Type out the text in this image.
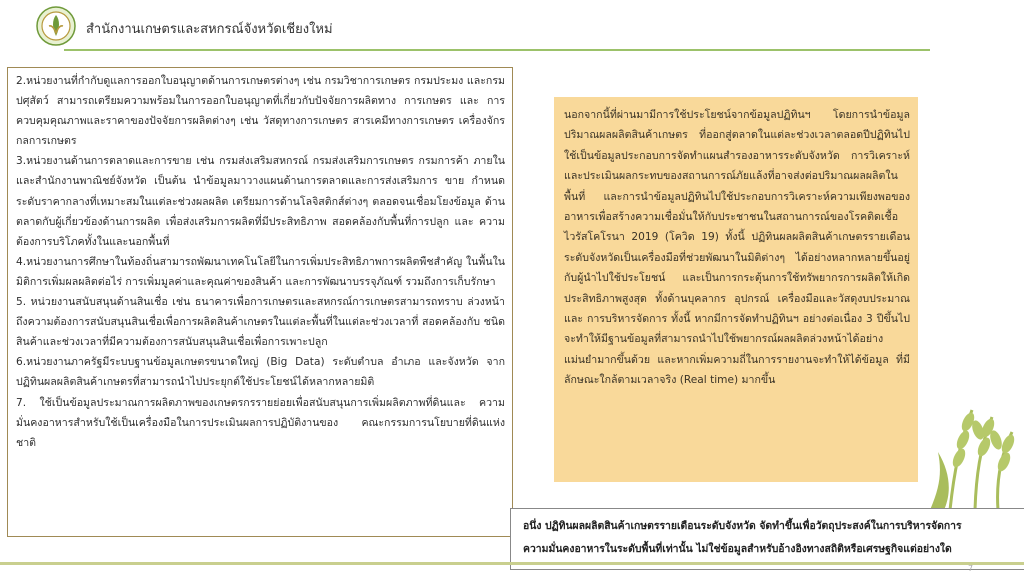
สำนักงานเกษตรและสหกรณ์จังหวัดเชียงใหม่

2.หน่วยงานที่กำกับดูแลการออกใบอนุญาตด้านการเกษตรต่างๆ เช่น กรมวิชาการเกษตร กรมประมง และกรมปศุสัตว์ สามารถเตรียมความพร้อมในการออกใบอนุญาตที่เกี่ยวกับปัจจัยการผลิตทาง การเกษตร และ การควบคุมคุณภาพและราคาของปัจจัยการผลิตต่างๆ เช่น วัสดุทางการเกษตร สารเคมีทางการเกษตร เครื่องจักรกลการเกษตร

3.หน่วยงานด้านการตลาดและการขาย เช่น กรมส่งเสริมสหกรณ์ กรมส่งเสริมการเกษตร กรมการค้า ภายใน และสำนักงานพาณิชย์จังหวัด เป็นต้น นำข้อมูลมาวางแผนด้านการตลาดและการส่งเสริมการ ขาย กำหนด ระดับราคากลางที่เหมาะสมในแต่ละช่วงผลผลิต เตรียมการด้านโลจิสติกส์ต่างๆ ตลอดจนเชื่อมโยงข้อมูล ด้านตลาดกับผู้เกี่ยวข้องด้านการผลิต เพื่อส่งเสริมการผลิตที่มีประสิทธิภาพ สอดคล้องกับพื้นที่การปลูก และ ความต้องการบริโภคทั้งในและนอกพื้นที่

4.หน่วยงานการศึกษาในท้องถิ่นสามารถพัฒนาเทคโนโลยีในการเพิ่มประสิทธิภาพการผลิตพืชสำคัญ ในพื้นในมิติการเพิ่มผลผลิตต่อไร่ การเพิ่มมูลค่าและคุณค่าของสินค้า และการพัฒนาบรรจุภัณฑ์ รวมถึงการเก็บรักษา

5. หน่วยงานสนับสนุนด้านสินเชื่อ เช่น ธนาคารเพื่อการเกษตรและสหกรณ์การเกษตรสามารถทราบ ล่วงหน้าถึงความต้องการสนับสนุนสินเชื่อเพื่อการผลิตสินค้าเกษตรในแต่ละพื้นที่ในแต่ละช่วงเวลาที่ สอดคล้องกับ ชนิดสินค้าและช่วงเวลาที่มีความต้องการสนับสนุนสินเชื่อเพื่อการเพาะปลูก

6.หน่วยงานภาครัฐมีระบบฐานข้อมูลเกษตรขนาดใหญ่ (Big Data) ระดับตำบล อำเภอ และจังหวัด จากปฏิทินผลผลิตสินค้าเกษตรที่สามารถนำไปประยุกต์ใช้ประโยชน์ได้หลากหลายมิติ

7. ใช้เป็นข้อมูลประมาณการผลิตภาพของเกษตรกรรายย่อยเพื่อสนับสนุนการเพิ่มผลิตภาพที่ดินและ ความมั่นคงอาหารสำหรับใช้เป็นเครื่องมือในการประเมินผลการปฏิบัติงานของ คณะกรรมการนโยบายที่ดินแห่งชาติ

นอกจากนี้ที่ผ่านมามีการใช้ประโยชน์จากข้อมูลปฏิทินฯ โดยการนำข้อมูลปริมาณผลผลิตสินค้าเกษตร ที่ออกสู่ตลาดในแต่ละช่วงเวลาตลอดปีปฏิทินไปใช้เป็นข้อมูลประกอบการจัดทำแผนสำรองอาหารระดับจังหวัด การวิเคราะห์และประเมินผลกระทบของสถานการณ์ภัยแล้งที่อาจส่งต่อปริมาณผลผลิตในพื้นที่ และการนำข้อมูลปฏิทินไปใช้ประกอบการวิเคราะห์ความเพียงพอของอาหารเพื่อสร้างความเชื่อมั่นให้กับประชาชนในสถานการณ์ของโรคติดเชื้อไวรัสโคโรนา 2019 (โควิด 19) ทั้งนี้ ปฏิทินผลผลิตสินค้าเกษตรรายเดือนระดับจังหวัดเป็นเครื่องมือที่ช่วยพัฒนาในมิติต่างๆ ได้อย่างหลากหลายขึ้นอยู่กับผู้นำไปใช้ประโยชน์ และเป็นการกระตุ้นการใช้ทรัพยากรการผลิตให้เกิดประสิทธิภาพสูงสุด ทั้งด้านบุคลากร อุปกรณ์ เครื่องมือและวัสดุงบประมาณ และ การบริหารจัดการ ทั้งนี้ หากมีการจัดทำปฏิทินฯ อย่างต่อเนื่อง 3 ปีขึ้นไป จะทำให้มีฐานข้อมูลที่สามารถนำไปใช้พยากรณ์ผลผลิตล่วงหน้าได้อย่างแม่นยำมากขึ้นด้วย และหากเพิ่มความถี่ในการรายงานจะทำให้ได้ข้อมูล ที่มีลักษณะใกล้ตามเวลาจริง (Real time) มากขึ้น

อนึ่ง ปฏิทินผลผลิตสินค้าเกษตรรายเดือนระดับจังหวัด จัดทำขึ้นเพื่อวัตถุประสงค์ในการบริหารจัดการ

ความมั่นคงอาหารในระดับพื้นที่เท่านั้น ไม่ใช่ข้อมูลสำหรับอ้างอิงทางสถิติหรือเศรษฐกิจแต่อย่างใด

7
